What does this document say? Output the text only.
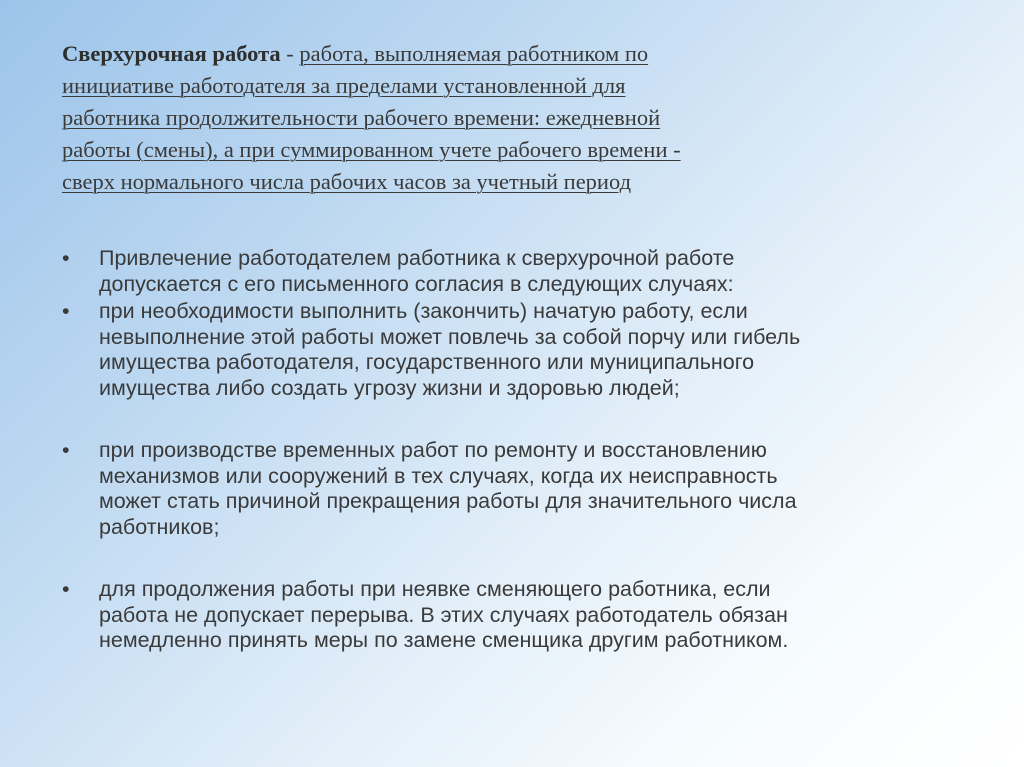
Сверхурочная работа - работа, выполняемая работником по
инициативе работодателя за пределами установленной для
работника продолжительности рабочего времени: ежедневной
работы (смены), а при суммированном учете рабочего времени -
сверх нормального числа рабочих часов за учетный период
• Привлечение работодателем работника к сверхурочной работе
допускается с его письменного согласия в следующих случаях:
• при необходимости выполнить (закончить) начатую работу, если
невыполнение этой работы может повлечь за собой порчу или гибель
имущества работодателя, государственного или муниципального
имущества либо создать угрозу жизни и здоровью людей;
• при производстве временных работ по ремонту и восстановлению
механизмов или сооружений в тех случаях, когда их неисправность
может стать причиной прекращения работы для значительного числа
работников;
• для продолжения работы при неявке сменяющего работника, если
работа не допускает перерыва. В этих случаях работодатель обязан
немедленно принять меры по замене сменщика другим работником.
